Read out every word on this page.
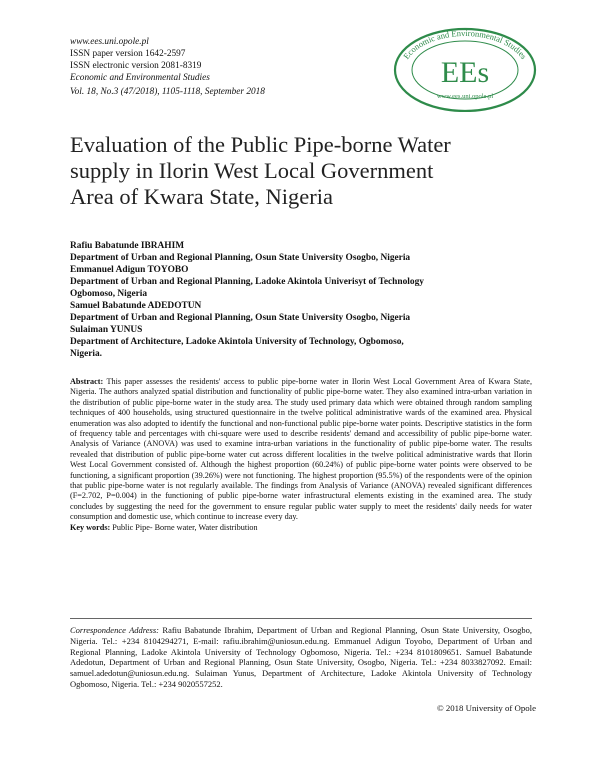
www.ees.uni.opole.pl
ISSN paper version 1642-2597
ISSN electronic version 2081-8319
Economic and Environmental Studies
Vol. 18, No.3 (47/2018), 1105-1118, September 2018
Economic and Environmental Studies
EEs
www.ees.uni.opole.pl
Evaluation of the Public Pipe-borne Water
supply in Ilorin West Local Government
Area of Kwara State, Nigeria
Rafiu Babatunde IBRAHIM
Department of Urban and Regional Planning, Osun State University Osogbo, Nigeria
Emmanuel Adigun TOYOBO
Department of Urban and Regional Planning, Ladoke Akintola Univerisyt of Technology
Ogbomoso, Nigeria
Samuel Babatunde ADEDOTUN
Department of Urban and Regional Planning, Osun State University Osogbo, Nigeria
Sulaiman YUNUS
Department of Architecture, Ladoke Akintola University of Technology, Ogbomoso,
Nigeria.
Abstract: This paper assesses the residents' access to public pipe-borne water in Ilorin West Local Government Area of Kwara State, Nigeria. The authors analyzed spatial distribution and functionality of public pipe-borne water. They also examined intra-urban variation in the distribution of public pipe-borne water in the study area. The study used primary data which were obtained through random sampling techniques of 400 households, using structured questionnaire in the twelve political administrative wards of the examined area. Physical enumeration was also adopted to identify the functional and non-functional public pipe-borne water points. Descriptive statistics in the form of frequency table and percentages with chi-square were used to describe residents' demand and accessibility of public pipe-borne water. Analysis of Variance (ANOVA) was used to examine intra-urban variations in the functionality of public pipe-borne water. The results revealed that distribution of public pipe-borne water cut across different localities in the twelve political administrative wards that Ilorin West Local Government consisted of. Although the highest proportion (60.24%) of public pipe-borne water points were observed to be functioning, a significant proportion (39.26%) were not functioning. The highest proportion (95.5%) of the respondents were of the opinion that public pipe-borne water is not regularly available. The findings from Analysis of Variance (ANOVA) revealed significant differences (F=2.702, P=0.004) in the functioning of public pipe-borne water infrastructural elements existing in the examined area. The study concludes by suggesting the need for the government to ensure regular public water supply to meet the residents' daily needs for water consumption and domestic use, which continue to increase every day.
Key words: Public Pipe- Borne water, Water distribution
Correspondence Address: Rafiu Babatunde Ibrahim, Department of Urban and Regional Planning, Osun State University, Osogbo, Nigeria. Tel.: +234 8104294271, E-mail: rafiu.ibrahim@uniosun.edu.ng. Emmanuel Adigun Toyobo, Department of Urban and Regional Planning, Ladoke Akintola University of Technology Ogbomoso, Nigeria. Tel.: +234 8101809651. Samuel Babatunde Adedotun, Department of Urban and Regional Planning, Osun State University, Osogbo, Nigeria. Tel.: +234 8033827092. Email: samuel.adedotun@uniosun.edu.ng. Sulaiman Yunus, Department of Architecture, Ladoke Akintola University of Technology Ogbomoso, Nigeria. Tel.: +234 9020557252.
© 2018 University of Opole
